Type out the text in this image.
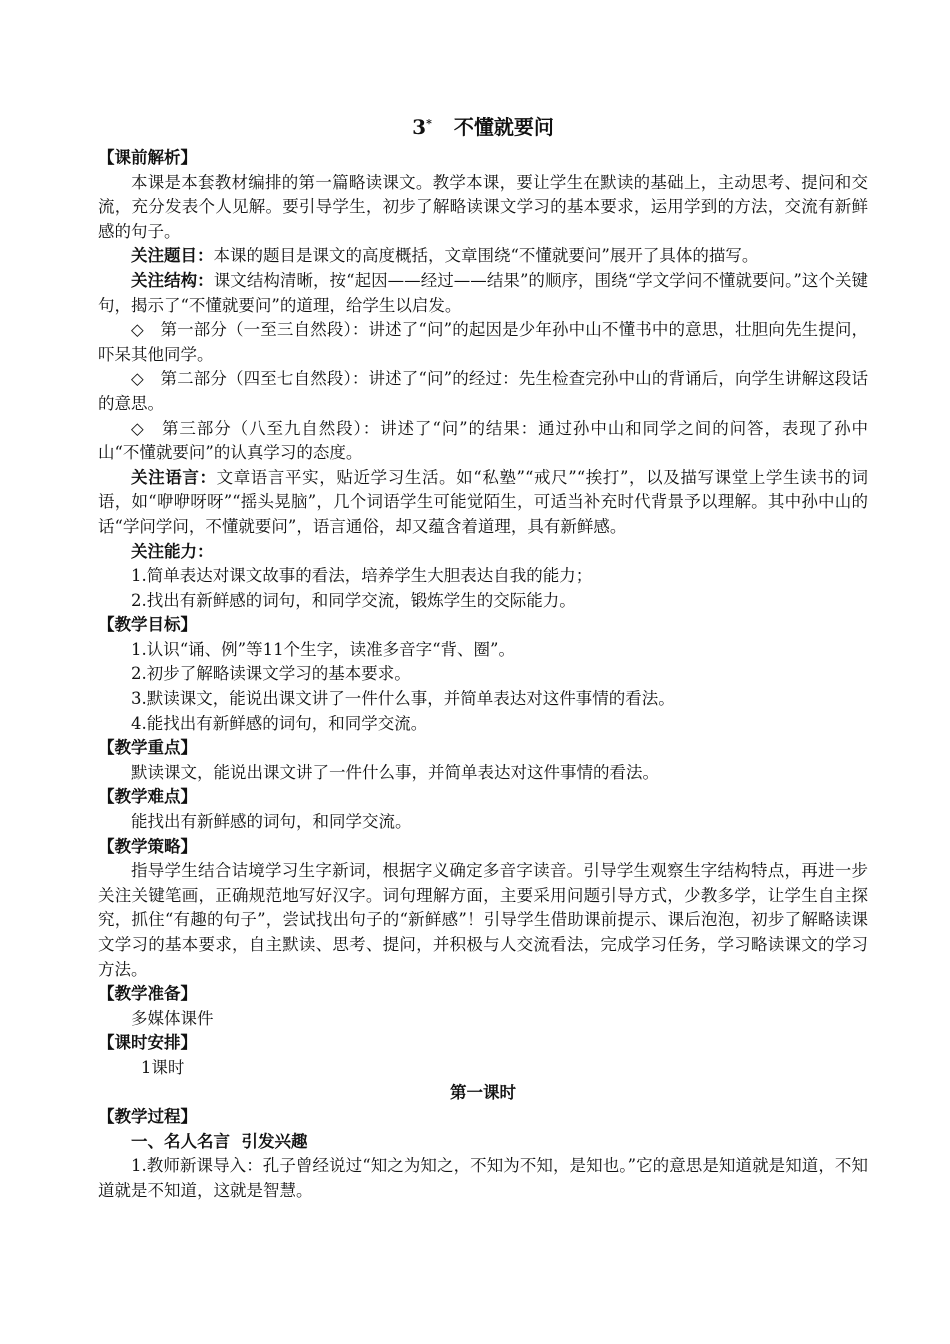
3* 不懂就要问
【课前解析】

本课是本套教材编排的第一篇略读课文。教学本课，要让学生在默读的基础上，主动思考、提问和交流，充分发表个人见解。要引导学生，初步了解略读课文学习的基本要求，运用学到的方法，交流有新鲜感的句子。

关注题目：本课的题目是课文的高度概括，文章围绕“不懂就要问”展开了具体的描写。

关注结构：课文结构清晰，按“起因——经过——结果”的顺序，围绕“学文学问不懂就要问。”这个关键句，揭示了“不懂就要问”的道理，给学生以启发。

◇　第一部分（一至三自然段）：讲述了“问”的起因是少年孙中山不懂书中的意思，壮胆向先生提问，吓呆其他同学。

◇　第二部分（四至七自然段）：讲述了“问”的经过：先生检查完孙中山的背诵后，向学生讲解这段话的意思。

◇　第三部分（八至九自然段）：讲述了“问”的结果：通过孙中山和同学之间的问答，表现了孙中山“不懂就要问”的认真学习的态度。

关注语言：文章语言平实，贴近学习生活。如“私塾”“戒尺”“挨打”，以及描写课堂上学生读书的词语，如“咿咿呀呀”“摇头晃脑”，几个词语学生可能觉陌生，可适当补充时代背景予以理解。其中孙中山的话“学问学问，不懂就要问”，语言通俗，却又蕴含着道理，具有新鲜感。

关注能力：

1.简单表达对课文故事的看法，培养学生大胆表达自我的能力；

2.找出有新鲜感的词句，和同学交流，锻炼学生的交际能力。

【教学目标】

1.认识“诵、例”等11个生字，读准多音字“背、圈”。

2.初步了解略读课文学习的基本要求。

3.默读课文，能说出课文讲了一件什么事，并简单表达对这件事情的看法。

4.能找出有新鲜感的词句，和同学交流。

【教学重点】

默读课文，能说出课文讲了一件什么事，并简单表达对这件事情的看法。

【教学难点】

能找出有新鲜感的词句，和同学交流。

【教学策略】

指导学生结合诘境学习生字新词，根据字义确定多音字读音。引导学生观察生字结构特点，再进一步关注关键笔画，正确规范地写好汉字。词句理解方面，主要采用问题引导方式，少教多学，让学生自主探究，抓住“有趣的句子”，尝试找出句子的“新鲜感”！引导学生借助课前提示、课后泡泡，初步了解略读课文学习的基本要求，自主默读、思考、提问，并积极与人交流看法，完成学习任务，学习略读课文的学习方法。

【教学准备】

多媒体课件

【课时安排】

1课时

第一课时

【教学过程】

一、名人名言  引发兴趣

1.教师新课导入：孔子曾经说过“知之为知之，不知为不知，是知也。”它的意思是知道就是知道，不知道就是不知道，这就是智慧。
